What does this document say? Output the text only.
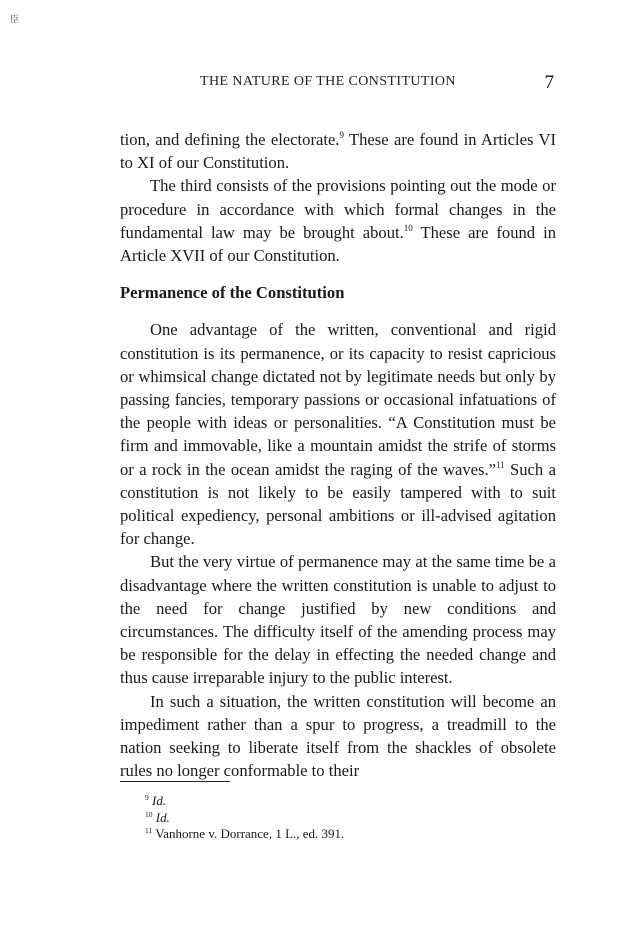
臣
THE NATURE OF THE CONSTITUTION	7

tion, and defining the electorate.$^9$ These are found in Articles VI to XI of our Constitution.

The third consists of the provisions pointing out the mode or procedure in accordance with which formal changes in the fundamental law may be brought about.$^{10}$ These are found in Article XVII of our Constitution.

Permanence of the Constitution

One advantage of the written, conventional and rigid constitution is its permanence, or its capacity to resist capricious or whimsical change dictated not by legitimate needs but only by passing fancies, temporary passions or occasional infatuations of the people with ideas or personalities. “A Constitution must be firm and immovable, like a mountain amidst the strife of storms or a rock in the ocean amidst the raging of the waves.”$^{11}$ Such a constitution is not likely to be easily tampered with to suit political expediency, personal ambitions or ill-advised agitation for change.

But the very virtue of permanence may at the same time be a disadvantage where the written constitution is unable to adjust to the need for change justified by new conditions and circumstances. The difficulty itself of the amending process may be responsible for the delay in effecting the needed change and thus cause irreparable injury to the public interest.

In such a situation, the written constitution will become an impediment rather than a spur to progress, a treadmill to the nation seeking to liberate itself from the shackles of obsolete rules no longer conformable to their

$^9$ Id.
$^{10}$ Id.
$^{11}$ Vanhorne v. Dorrance, 1 L., ed. 391.
